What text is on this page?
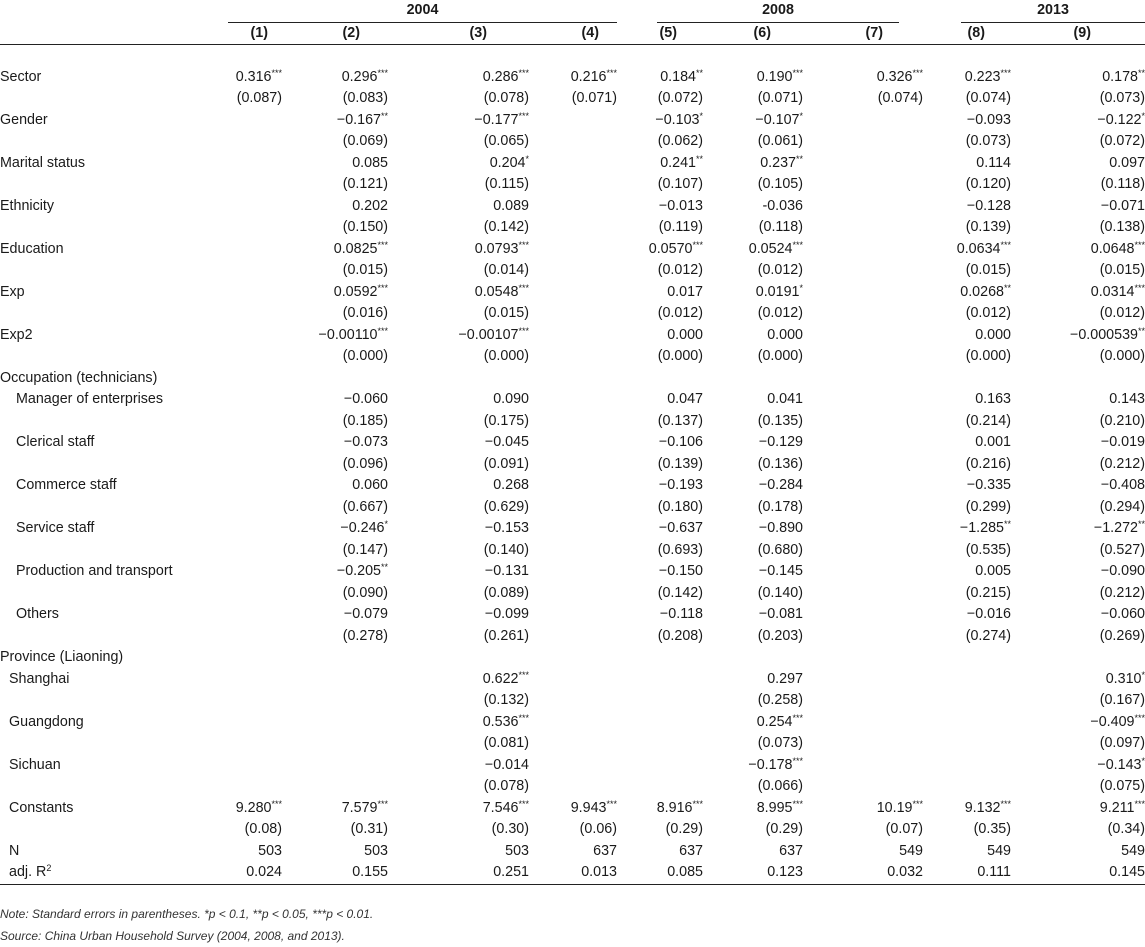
	2004				2008			2013	

	(1)	(2)	(3)	(4)	(5)	(6)	(7)	(8)	(9)

Sector	0.316***	0.296***	0.286***	0.216***	0.184**	0.190***	0.326***	0.223***	0.178**
	(0.087)	(0.083)	(0.078)	(0.071)	(0.072)	(0.071)	(0.074)	(0.074)	(0.073)
Gender		−0.167**	−0.177***		−0.103*	−0.107*		−0.093	−0.122*
		(0.069)	(0.065)		(0.062)	(0.061)		(0.073)	(0.072)
Marital status		0.085	0.204*		0.241**	0.237**		0.114	0.097
		(0.121)	(0.115)		(0.107)	(0.105)		(0.120)	(0.118)
Ethnicity		0.202	0.089		−0.013	-0.036		−0.128	−0.071
		(0.150)	(0.142)		(0.119)	(0.118)		(0.139)	(0.138)
Education		0.0825***	0.0793***		0.0570***	0.0524***		0.0634***	0.0648***
		(0.015)	(0.014)		(0.012)	(0.012)		(0.015)	(0.015)
Exp		0.0592***	0.0548***		0.017	0.0191*		0.0268**	0.0314***
		(0.016)	(0.015)		(0.012)	(0.012)		(0.012)	(0.012)
Exp2		−0.00110***	−0.00107***		0.000	0.000		0.000	−0.000539**
		(0.000)	(0.000)		(0.000)	(0.000)		(0.000)	(0.000)
Occupation (technicians)									
Manager of enterprises		−0.060	0.090		0.047	0.041		0.163	0.143
		(0.185)	(0.175)		(0.137)	(0.135)		(0.214)	(0.210)
Clerical staff		−0.073	−0.045		−0.106	−0.129		0.001	−0.019
		(0.096)	(0.091)		(0.139)	(0.136)		(0.216)	(0.212)
Commerce staff		0.060	0.268		−0.193	−0.284		−0.335	−0.408
		(0.667)	(0.629)		(0.180)	(0.178)		(0.299)	(0.294)
Service staff		−0.246*	−0.153		−0.637	−0.890		−1.285**	−1.272**
		(0.147)	(0.140)		(0.693)	(0.680)		(0.535)	(0.527)
Production and transport		−0.205**	−0.131		−0.150	−0.145		0.005	−0.090
		(0.090)	(0.089)		(0.142)	(0.140)		(0.215)	(0.212)
Others		−0.079	−0.099		−0.118	−0.081		−0.016	−0.060
		(0.278)	(0.261)		(0.208)	(0.203)		(0.274)	(0.269)
Province (Liaoning)									
Shanghai			0.622***			0.297			0.310*
			(0.132)			(0.258)			(0.167)
Guangdong			0.536***			0.254***			−0.409***
			(0.081)			(0.073)			(0.097)
Sichuan			−0.014			−0.178***			−0.143*
			(0.078)			(0.066)			(0.075)
Constants	9.280***	7.579***	7.546***	9.943***	8.916***	8.995***	10.19***	9.132***	9.211***
	(0.08)	(0.31)	(0.30)	(0.06)	(0.29)	(0.29)	(0.07)	(0.35)	(0.34)
N	503	503	503	637	637	637	549	549	549
adj. $R^2$	0.024	0.155	0.251	0.013	0.085	0.123	0.032	0.111	0.145
Note: Standard errors in parentheses. *p < 0.1, **p < 0.05, ***p < 0.01.
Source: China Urban Household Survey (2004, 2008, and 2013).
